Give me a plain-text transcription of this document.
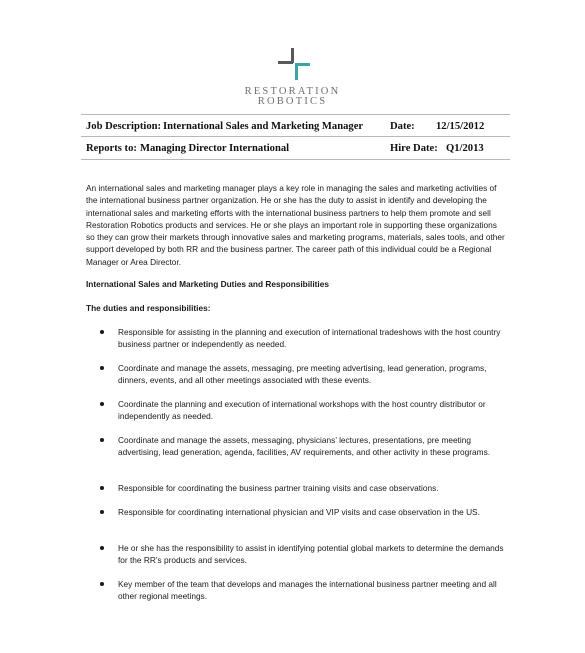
RESTORATION
ROBOTICS
Job Description: International Sales and Marketing Manager	Date: 12/15/2012
Reports to: Managing Director International	Hire Date: Q1/2013

An international sales and marketing manager plays a key role in managing the sales and marketing activities of the international business partner organization. He or she has the duty to assist in identify and developing the international sales and marketing efforts with the international business partners to help them promote and sell Restoration Robotics products and services. He or she plays an important role in supporting these organizations so they can grow their markets through innovative sales and marketing programs, materials, sales tools, and other support developed by both RR and the business partner. The career path of this individual could be a Regional Manager or Area Director.

International Sales and Marketing Duties and Responsibilities

The duties and responsibilities:

Responsible for assisting in the planning and execution of international tradeshows with the host country business partner or independently as needed.
Coordinate and manage the assets, messaging, pre meeting advertising, lead generation, programs, dinners, events, and all other meetings associated with these events.
Coordinate the planning and execution of international workshops with the host country distributor or independently as needed.
Coordinate and manage the assets, messaging, physicians’ lectures, presentations, pre meeting advertising, lead generation, agenda, facilities, AV requirements, and other activity in these programs.
Responsible for coordinating the business partner training visits and case observations.
Responsible for coordinating international physician and VIP visits and case observation in the US.
He or she has the responsibility to assist in identifying potential global markets to determine the demands for the RR’s products and services.
Key member of the team that develops and manages the international business partner meeting and all other regional meetings.
